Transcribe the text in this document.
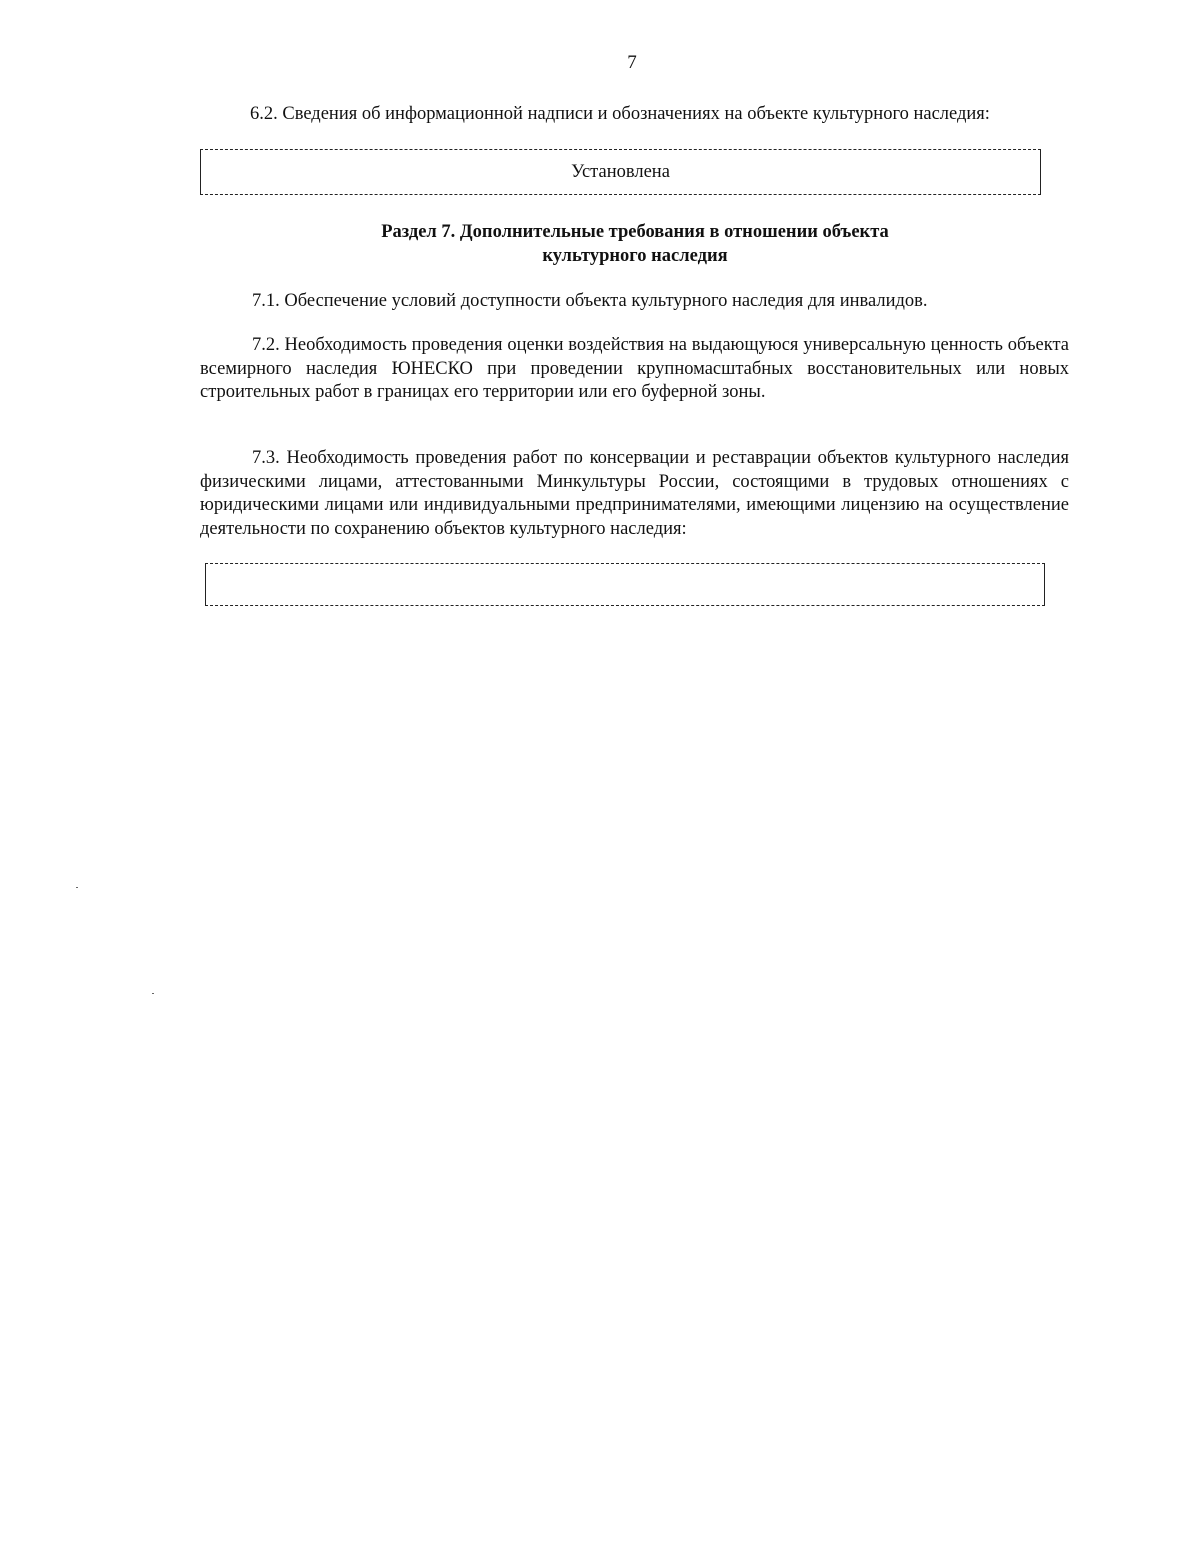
7
6.2. Сведения об информационной надписи и обозначениях на объекте культурного наследия:
Установлена
Раздел 7. Дополнительные требования в отношении объекта
культурного наследия
7.1. Обеспечение условий доступности объекта культурного наследия для инвалидов.
7.2. Необходимость проведения оценки воздействия на выдающуюся универсальную ценность объекта всемирного наследия ЮНЕСКО при проведении крупномасштабных восстановительных или новых строительных работ в границах его территории или его буферной зоны.
7.3. Необходимость проведения работ по консервации и реставрации объектов культурного наследия физическими лицами, аттестованными Минкультуры России, состоящими в трудовых отношениях с юридическими лицами или индивидуальными предпринимателями, имеющими лицензию на осуществление деятельности по сохранению объектов культурного наследия:
